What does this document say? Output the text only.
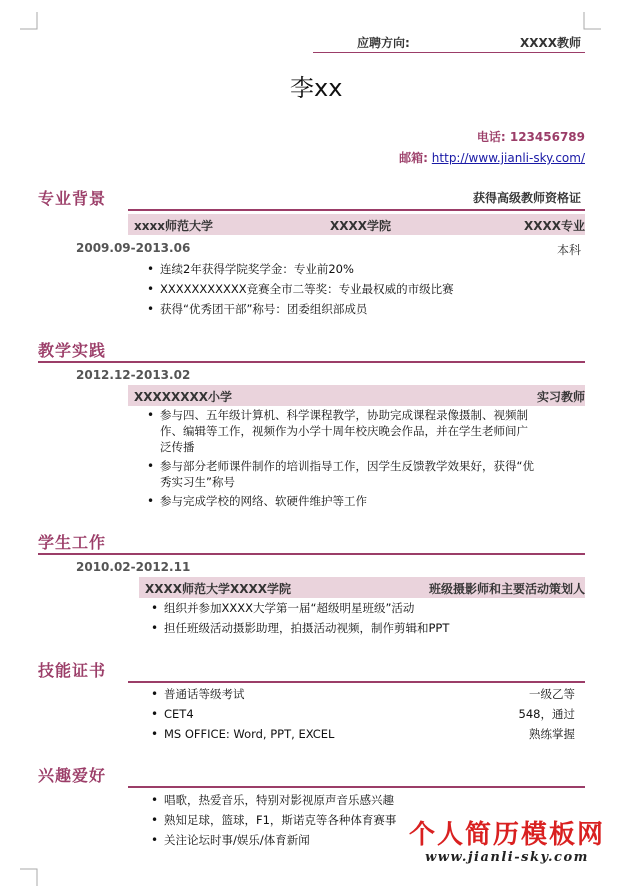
应聘方向:	XXXX教师
李xx
电话: 123456789
邮箱: http://www.jianli-sky.com/
专业背景	获得高级教师资格证
xxxx师范大学	XXXX学院	XXXX专业
2009.09-2013.06	本科
• 连续2年获得学院奖学金：专业前20%
• XXXXXXXXXXX竞赛全市二等奖：专业最权威的市级比赛
• 获得“优秀团干部”称号：团委组织部成员
教学实践
2012.12-2013.02
XXXXXXXX小学	实习教师
• 参与四、五年级计算机、科学课程教学，协助完成课程录像摄制、视频制作、编辑等工作，视频作为小学十周年校庆晚会作品，并在学生老师间广泛传播
• 参与部分老师课件制作的培训指导工作，因学生反馈教学效果好，获得“优秀实习生”称号
• 参与完成学校的网络、软硬件维护等工作
学生工作
2010.02-2012.11
XXXX师范大学XXXX学院	班级摄影师和主要活动策划人
• 组织并参加XXXX大学第一届“超级明星班级”活动
• 担任班级活动摄影助理，拍摄活动视频，制作剪辑和PPT
技能证书
• 普通话等级考试	一级乙等
• CET4	548，通过
• MS OFFICE: Word, PPT, EXCEL	熟练掌握
兴趣爱好
• 唱歌，热爱音乐，特别对影视原声音乐感兴趣
• 熟知足球，篮球，F1，斯诺克等各种体育赛事
• 关注论坛时事/娱乐/体育新闻	个人简历模板网
www.jianli-sky.com
